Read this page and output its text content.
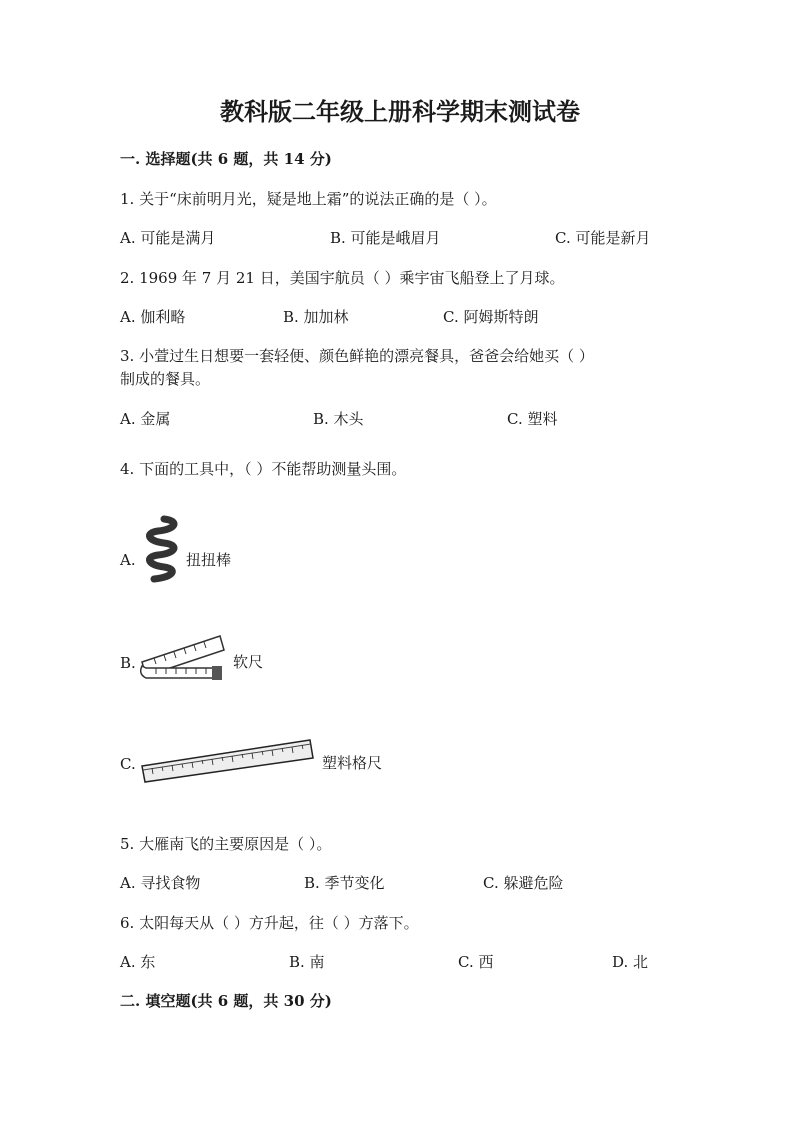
教科版二年级上册科学期末测试卷
一. 选择题(共 6 题，共 14 分)
1. 关于“床前明月光，疑是地上霜”的说法正确的是（ ）。
A. 可能是满月	B. 可能是峨眉月	C. 可能是新月
2. 1969 年 7 月 21 日，美国宇航员（ ）乘宇宙飞船登上了月球。
A. 伽利略	B. 加加林	C. 阿姆斯特朗
3. 小萱过生日想要一套轻便、颜色鲜艳的漂亮餐具，爸爸会给她买（ ）
制成的餐具。
A. 金属	B. 木头	C. 塑料
4. 下面的工具中，（ ）不能帮助测量头围。
A.	扭扭棒
B.	软尺
C.	塑料格尺
5. 大雁南飞的主要原因是（ ）。
A. 寻找食物	B. 季节变化	C. 躲避危险
6. 太阳每天从（ ）方升起，往（ ）方落下。
A. 东	B. 南	C. 西	D. 北
二. 填空题(共 6 题，共 30 分)
